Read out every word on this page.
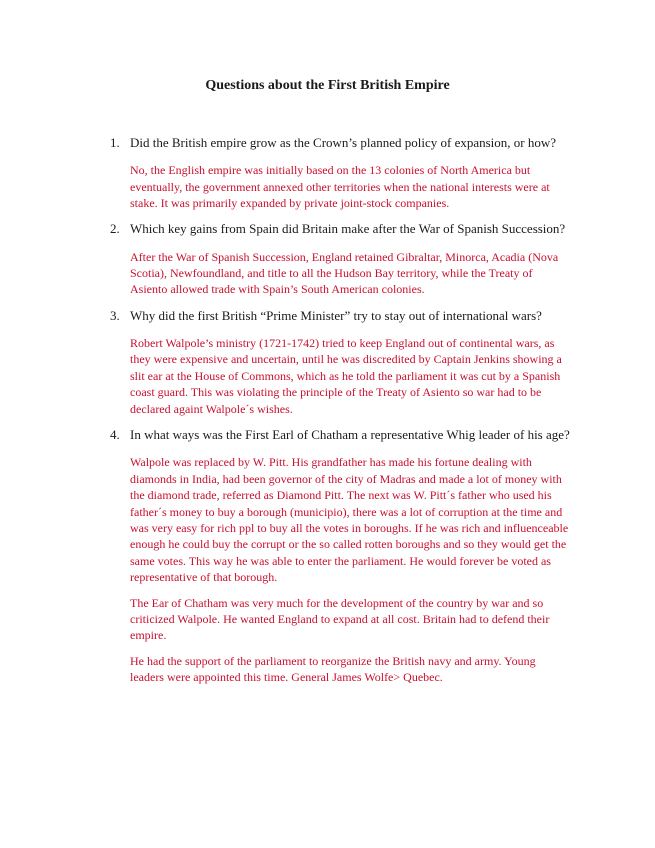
Questions about the First British Empire

1. Did the British empire grow as the Crown’s planned policy of expansion, or how?

No, the English empire was initially based on the 13 colonies of North America but eventually, the government annexed other territories when the national interests were at stake. It was primarily expanded by private joint-stock companies.

2. Which key gains from Spain did Britain make after the War of Spanish Succession?

After the War of Spanish Succession, England retained Gibraltar, Minorca, Acadia (Nova Scotia), Newfoundland, and title to all the Hudson Bay territory, while the Treaty of Asiento allowed trade with Spain’s South American colonies.

3. Why did the first British “Prime Minister” try to stay out of international wars?

Robert Walpole’s ministry (1721-1742) tried to keep England out of continental wars, as they were expensive and uncertain, until he was discredited by Captain Jenkins showing a slit ear at the House of Commons, which as he told the parliament it was cut by a Spanish coast guard. This was violating the principle of the Treaty of Asiento so war had to be declared againt Walpole´s wishes.

4. In what ways was the First Earl of Chatham a representative Whig leader of his age?

Walpole was replaced by W. Pitt. His grandfather has made his fortune dealing with diamonds in India, had been governor of the city of Madras and made a lot of money with the diamond trade, referred as Diamond Pitt. The next was W. Pitt´s father who used his father´s money to buy a borough (municipio), there was a lot of corruption at the time and was very easy for rich ppl to buy all the votes in boroughs. If he was rich and influenceable enough he could buy the corrupt or the so called rotten boroughs and so they would get the same votes. This way he was able to enter the parliament. He would forever be voted as representative of that borough.

The Ear of Chatham was very much for the development of the country by war and so criticized Walpole. He wanted England to expand at all cost. Britain had to defend their empire.

He had the support of the parliament to reorganize the British navy and army. Young leaders were appointed this time. General James Wolfe> Quebec.
